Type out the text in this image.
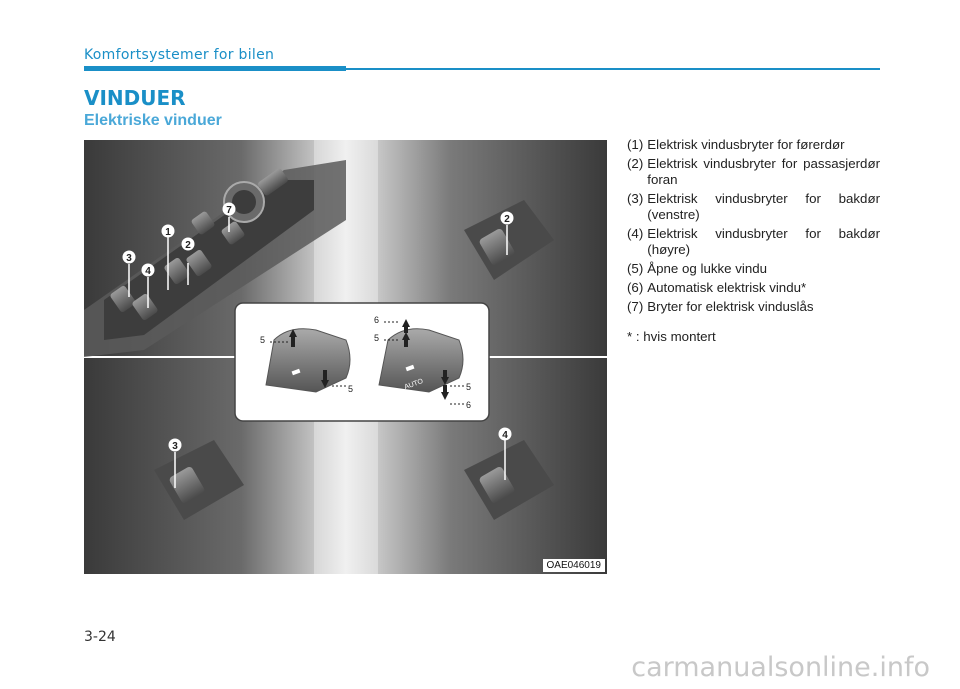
Komfortsystemer for bilen
VINDUER
Elektriske vinduer
1
2
3
4
7
2
3
4
5
5
6
5
5
6
AUTO
OAE046019
(1) Elektrisk vindusbryter for førerdør
(2) Elektrisk vindusbryter for passasjerdør foran
(3) Elektrisk vindusbryter for bakdør (venstre)
(4) Elektrisk vindusbryter for bakdør (høyre)
(5) Åpne og lukke vindu
(6) Automatisk elektrisk vindu*
(7) Bryter for elektrisk vinduslås
* : hvis montert
3-24
carmanualsonline.info
